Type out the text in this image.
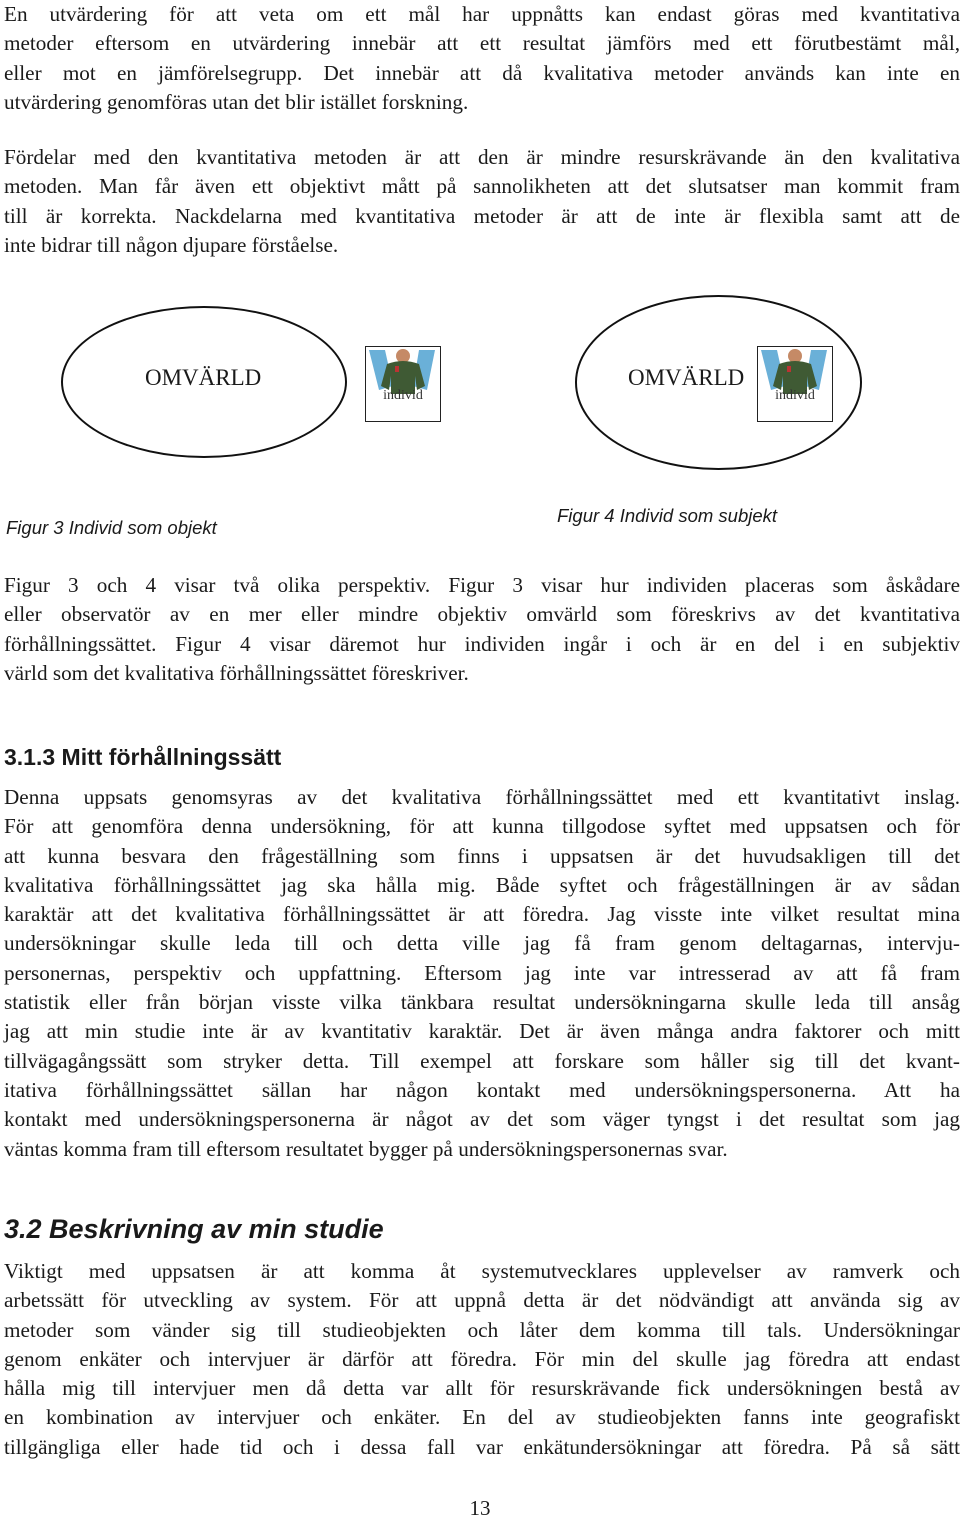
En utvärdering för att veta om ett mål har uppnåtts kan endast göras med kvantitativa
metoder eftersom en utvärdering innebär att ett resultat jämförs med ett förutbestämt mål,
eller mot en jämförelsegrupp. Det innebär att då kvalitativa metoder används kan inte en
utvärdering genomföras utan det blir istället forskning.

Fördelar med den kvantitativa metoden är att den är mindre resurskrävande än den kvalitativa
metoden. Man får även ett objektivt mått på sannolikheten att det slutsatser man kommit fram
till är korrekta. Nackdelarna med kvantitativa metoder är att de inte är flexibla samt att de
inte bidrar till någon djupare förståelse.

OMVÄRLD
individ
OMVÄRLD
individ

Figur 3 Individ som objekt

Figur 4 Individ som subjekt

Figur 3 och 4 visar två olika perspektiv. Figur 3 visar hur individen placeras som åskådare
eller observatör av en mer eller mindre objektiv omvärld som föreskrivs av det kvantitativa
förhållningssättet. Figur 4 visar däremot hur individen ingår i och är en del i en subjektiv
värld som det kvalitativa förhållningssättet föreskriver.

3.1.3 Mitt förhållningssätt

Denna uppsats genomsyras av det kvalitativa förhållningssättet med ett kvantitativt inslag.
För att genomföra denna undersökning, för att kunna tillgodose syftet med uppsatsen och för
att kunna besvara den frågeställning som finns i uppsatsen är det huvudsakligen till det
kvalitativa förhållningssättet jag ska hålla mig. Både syftet och frågeställningen är av sådan
karaktär att det kvalitativa förhållningssättet är att föredra. Jag visste inte vilket resultat mina
undersökningar skulle leda till och detta ville jag få fram genom deltagarnas, intervju-
personernas, perspektiv och uppfattning. Eftersom jag inte var intresserad av att få fram
statistik eller från början visste vilka tänkbara resultat undersökningarna skulle leda till ansåg
jag att min studie inte är av kvantitativ karaktär. Det är även många andra faktorer och mitt
tillvägagångssätt som stryker detta. Till exempel att forskare som håller sig till det kvant-
itativa förhållningssättet sällan har någon kontakt med undersökningspersonerna. Att ha
kontakt med undersökningspersonerna är något av det som väger tyngst i det resultat som jag
väntas komma fram till eftersom resultatet bygger på undersökningspersonernas svar.

3.2 Beskrivning av min studie

Viktigt med uppsatsen är att komma åt systemutvecklares upplevelser av ramverk och
arbetssätt för utveckling av system. För att uppnå detta är det nödvändigt att använda sig av
metoder som vänder sig till studieobjekten och låter dem komma till tals. Undersökningar
genom enkäter och intervjuer är därför att föredra. För min del skulle jag föredra att endast
hålla mig till intervjuer men då detta var allt för resurskrävande fick undersökningen bestå av
en kombination av intervjuer och enkäter. En del av studieobjekten fanns inte geografiskt
tillgängliga eller hade tid och i dessa fall var enkätundersökningar att föredra. På så sätt

13
